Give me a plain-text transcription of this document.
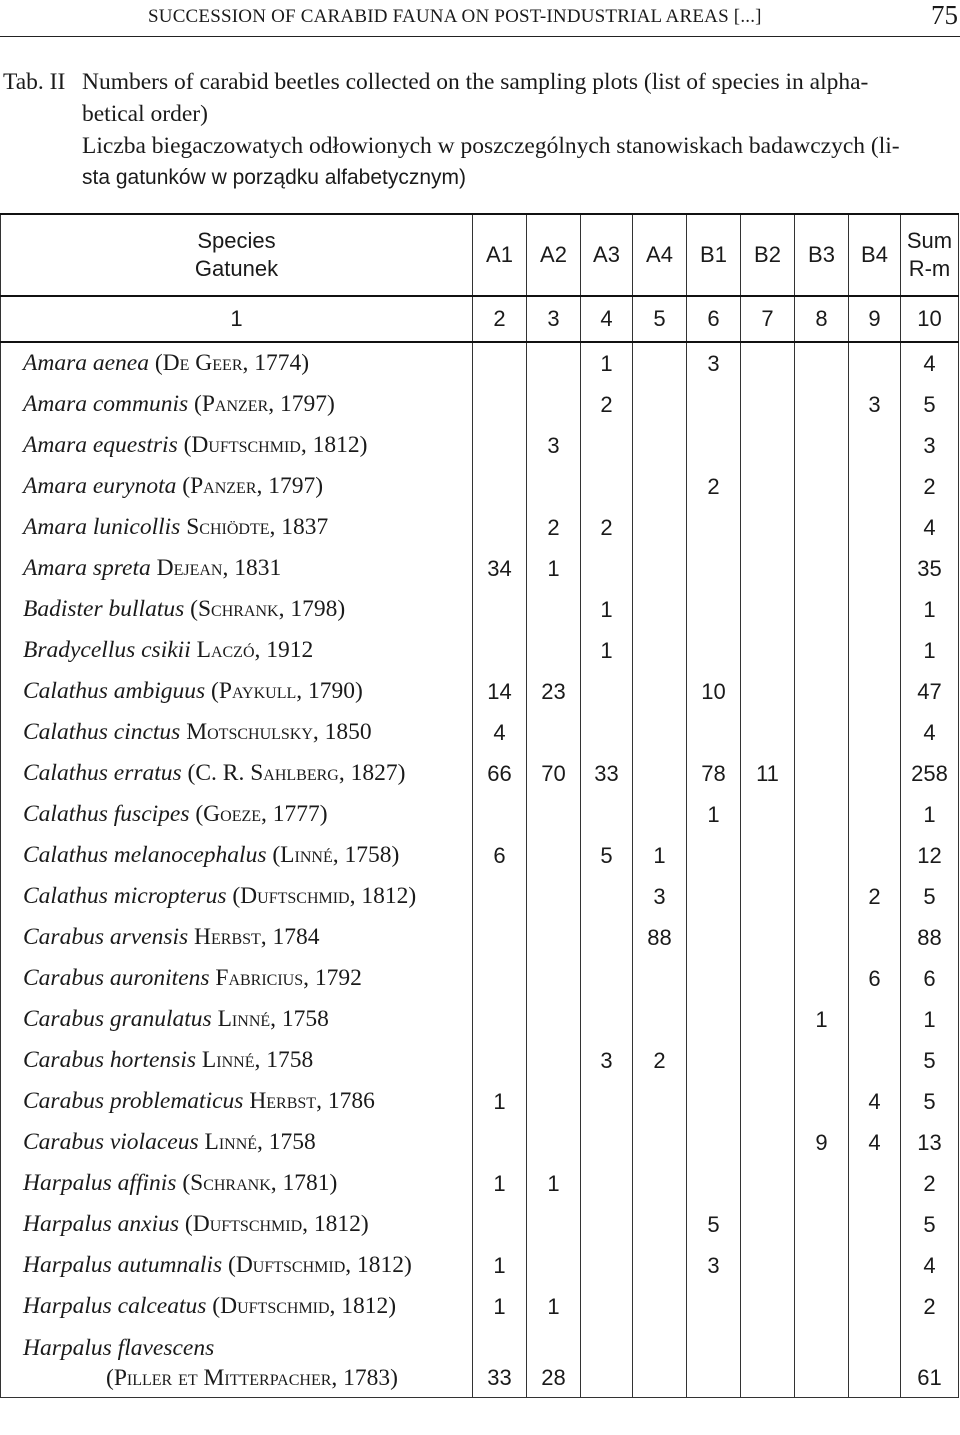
SUCCESSION OF CARABID FAUNA ON POST-INDUSTRIAL AREAS [...]	75
Tab. II Numbers of carabid beetles collected on the sampling plots (list of species in alpha-
betical order)
Liczba biegaczowatych odłowionych w poszczególnych stanowiskach badawczych (li-
sta gatunków w porządku alfabetycznym)
Species
Gatunek	A1	A2	A3	A4	B1	B2	B3	B4	Sum
R-m
1	2	3	4	5	6	7	8	9	10
Amara aenea (De Geer, 1774)			1		3				4
Amara communis (Panzer, 1797)			2					3	5
Amara equestris (Duftschmid, 1812)		3							3
Amara eurynota (Panzer, 1797)					2				2
Amara lunicollis Schiödte, 1837		2	2						4
Amara spreta Dejean, 1831	34	1							35
Badister bullatus (Schrank, 1798)			1						1
Bradycellus csikii Laczó, 1912			1						1
Calathus ambiguus (Paykull, 1790)	14	23			10				47
Calathus cinctus Motschulsky, 1850	4								4
Calathus erratus (C. R. Sahlberg, 1827)	66	70	33		78	11			258
Calathus fuscipes (Goeze, 1777)					1				1
Calathus melanocephalus (Linné, 1758)	6		5	1					12
Calathus micropterus (Duftschmid, 1812)				3				2	5
Carabus arvensis Herbst, 1784				88					88
Carabus auronitens Fabricius, 1792								6	6
Carabus granulatus Linné, 1758							1		1
Carabus hortensis Linné, 1758			3	2					5
Carabus problematicus Herbst, 1786	1							4	5
Carabus violaceus Linné, 1758							9	4	13
Harpalus affinis (Schrank, 1781)	1	1							2
Harpalus anxius (Duftschmid, 1812)					5				5
Harpalus autumnalis (Duftschmid, 1812)	1				3				4
Harpalus calceatus (Duftschmid, 1812)	1	1							2

Harpalus flavescens
(Piller et Mitterpacher, 1783)	33	28							61
